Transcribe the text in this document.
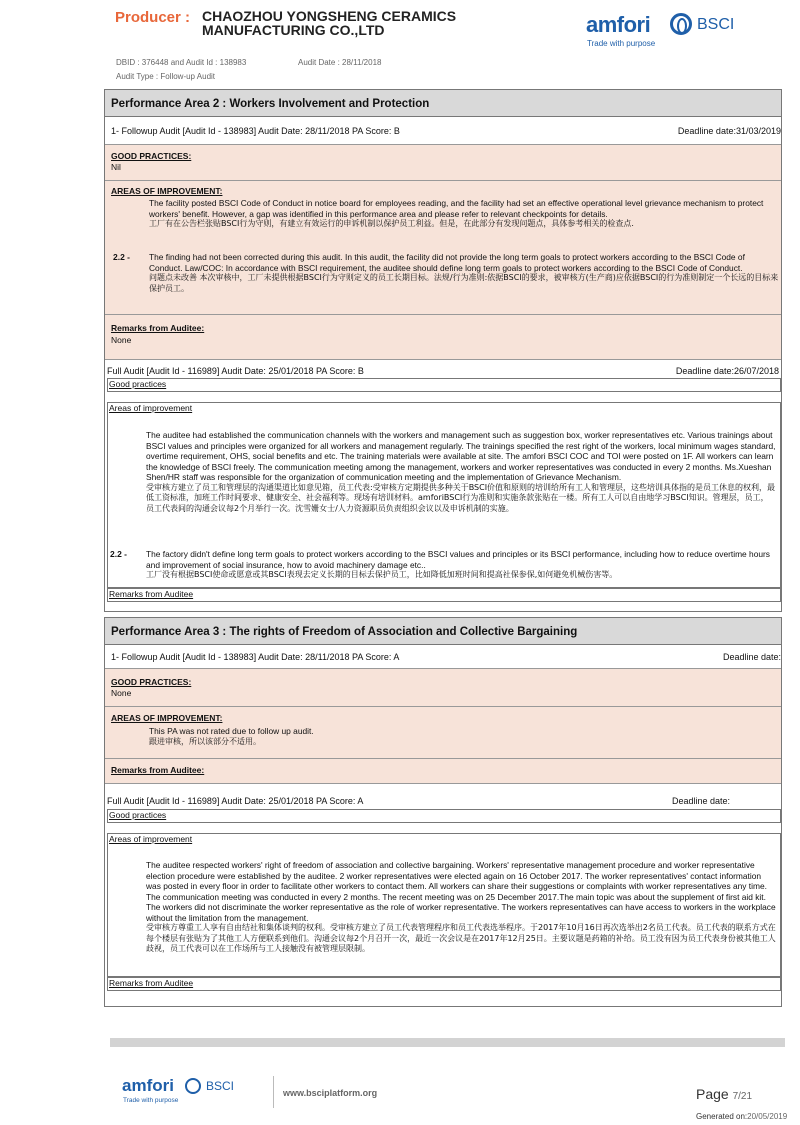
Producer : CHAOZHOU YONGSHENG CERAMICS MANUFACTURING CO.,LTD
DBID : 376448 and Audit Id : 138983	Audit Date : 28/11/2018
Audit Type : Follow-up Audit
amfori	BSCI
Trade with purpose
Performance Area 2 : Workers Involvement and Protection
1- Followup Audit [Audit Id - 138983] Audit Date: 28/11/2018 PA Score: B	Deadline date:31/03/2019
GOOD PRACTICES:
Nil
AREAS OF IMPROVEMENT:
The facility posted BSCI Code of Conduct in notice board for employees reading, and the facility had set an effective operational level grievance mechanism to protect workers' benefit. However, a gap was identified in this performance area and please refer to relevant checkpoints for details.
工厂有在公告栏张贴BSCI行为守则，有建立有效运行的申诉机制以保护员工利益。但是，在此部分有发现问题点，具体参考相关的检查点.
2.2 - The finding had not been corrected during this audit. In this audit, the facility did not provide the long term goals to protect workers according to the BSCI Code of Conduct. Law/COC: In accordance with BSCI requirement, the auditee should define long term goals to protect workers according to the BSCI Code of Conduct.
问题点未改善 本次审核中，工厂未提供根据BSCI行为守则定义的员工长期目标。法规/行为准则:依据BSCI的要求，被审核方(生产商)应依据BSCI的行为准则制定一个长远的目标来保护员工。
Remarks from Auditee:
None
Full Audit [Audit Id - 116989] Audit Date: 25/01/2018 PA Score: B	Deadline date:26/07/2018
Good practices
Areas of improvement
The auditee had established the communication channels with the workers and management such as suggestion box, worker representatives etc. Various trainings about BSCI values and principles were organized for all workers and management regularly. The trainings specified the rest right of the workers, local minimum wages standard, overtime requirement, OHS, social benefits and etc. The training materials were available at site. The amfori BSCI COC and TOI were posted on 1F. All workers can learn the knowledge of BSCI freely. The communication meeting among the management, workers and worker representatives was conducted in every 2 months. Ms.Xueshan Shen/HR staff was responsible for the organization of communication meeting and the implementation of Grievance Mechanism.
受审核方建立了员工和管理层的沟通渠道比如意见箱，员工代表:受审核方定期提供多种关于BSCI价值和原则的培训给所有工人和管理层，这些培训具体指的是员工休息的权利，最低工资标准，加班工作时间要求、健康安全、社会福利等。现场有培训材料。amforiBSCI行为准则和实施条款张贴在一楼。所有工人可以自由地学习BSCI知识。管理层，员工，员工代表间的沟通会议每2个月举行一次。沈雪姗女士/人力资源职员负责组织会议以及申诉机制的实施。
2.2 - The factory didn't define long term goals to protect workers according to the BSCI values and principles or its BSCI performance, including how to reduce overtime hours and improvement of social insurance, how to avoid machinery damage etc..
工厂没有根据BSCI使命或愿意或其BSCI表现去定义长期的目标去保护员工，比如降低加班时间和提高社保参保,如何避免机械伤害等。
Remarks from Auditee
Performance Area 3 : The rights of Freedom of Association and Collective Bargaining
1- Followup Audit [Audit Id - 138983] Audit Date: 28/11/2018 PA Score: A	Deadline date:
GOOD PRACTICES:
None
AREAS OF IMPROVEMENT:
This PA was not rated due to follow up audit.
跟进审核，所以该部分不适用。
Remarks from Auditee:
Full Audit [Audit Id - 116989] Audit Date: 25/01/2018 PA Score: A	Deadline date:
Good practices
Areas of improvement
The auditee respected workers' right of freedom of association and collective bargaining. Workers' representative management procedure and worker representative election procedure were established by the auditee. 2 worker representatives were elected again on 16 October 2017. The worker representatives' contact information was posted in every floor in order to facilitate other workers to contact them. All workers can share their suggestions or complaints with worker representatives any time. The communication meeting was conducted in every 2 months. The recent meeting was on 25 December 2017.The main topic was about the supplement of first aid kit. The workers did not discriminate the worker representative as the role of worker representative. The workers representatives can have access to workers in the workplace without the limitation from the management.
受审核方尊重工人享有自由结社和集体谈判的权利。受审核方建立了员工代表管理程序和员工代表选举程序。于2017年10月16日再次选举出2名员工代表。员工代表的联系方式在每个楼层有张贴为了其他工人方便联系到他们。沟通会议每2个月召开一次，最近一次会议是在2017年12月25日。主要议题是药箱的补给。员工没有因为员工代表身份被其他工人歧视，员工代表可以在工作场所与工人接触没有被管理层限制。
Remarks from Auditee
amfori	BSCI
Trade with purpose
www.bsciplatform.org	Page 7/21
Generated on:20/05/2019
